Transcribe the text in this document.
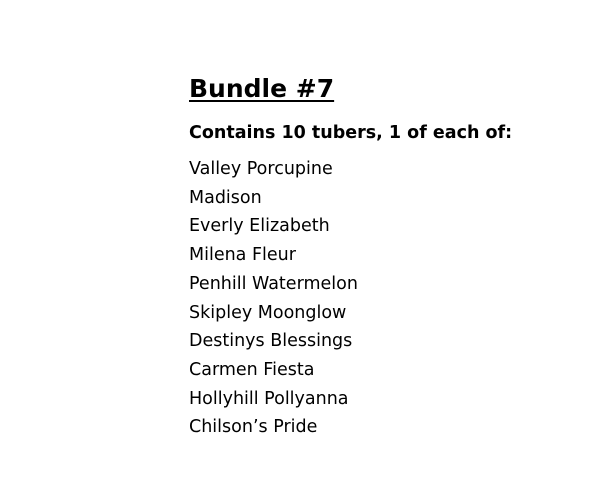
Bundle #7

Contains 10 tubers, 1 of each of:

Valley Porcupine
Madison
Everly Elizabeth
Milena Fleur
Penhill Watermelon
Skipley Moonglow
Destinys Blessings
Carmen Fiesta
Hollyhill Pollyanna
Chilson’s Pride
